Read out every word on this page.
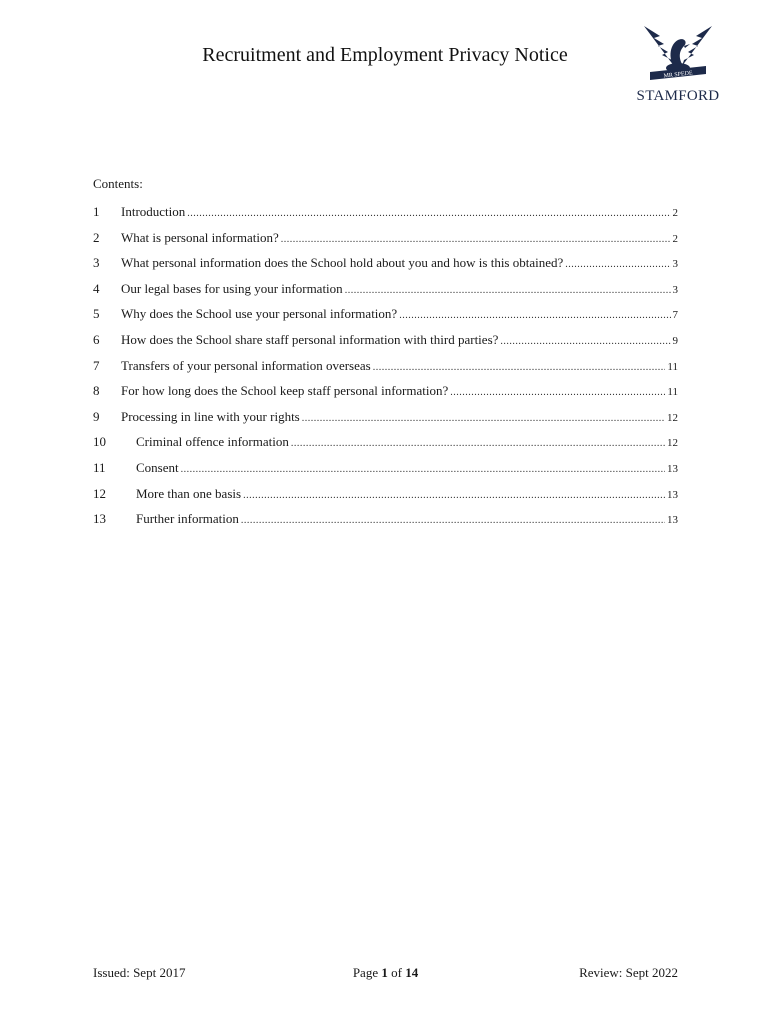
Recruitment and Employment Privacy Notice
MR SPEDE
STAMFORD
Contents:
1	Introduction .....	2
2	What is personal information? .....	2
3	What personal information does the School hold about you and how is this obtained? .....	3
4	Our legal bases for using your information .....	3
5	Why does the School use your personal information? .....	7
6	How does the School share staff personal information with third parties? .....	9
7	Transfers of your personal information overseas .....	11
8	For how long does the School keep staff personal information? .....	11
9	Processing in line with your rights .....	12
10	Criminal offence information .....	12
11	Consent .....	13
12	More than one basis .....	13
13	Further information .....	13
Issued: Sept 2017	Page 1 of 14	Review: Sept 2022
